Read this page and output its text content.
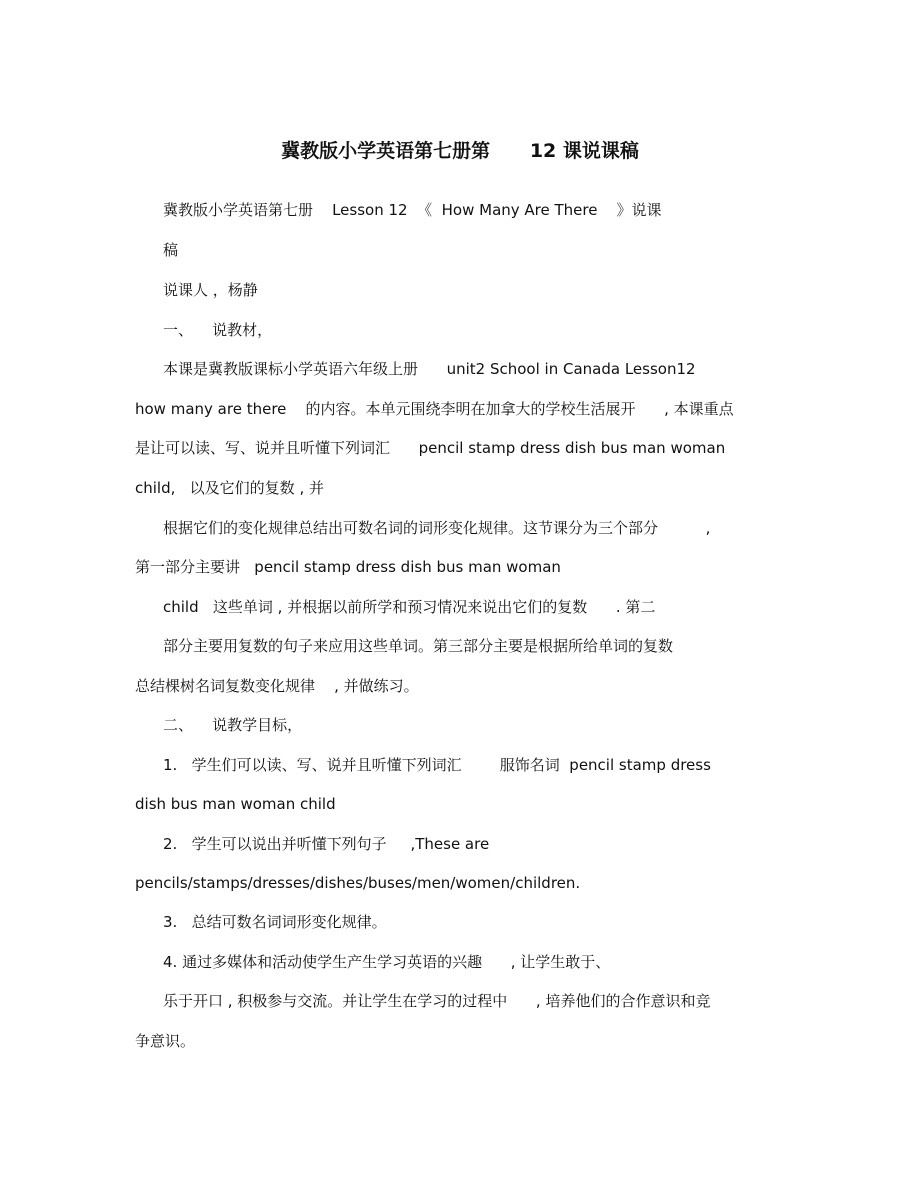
冀教版小学英语第七册第      12 课说课稿
冀教版小学英语第七册    Lesson 12  《  How Many Are There    》说课
稿
说课人 ，杨静
一、    说教材，
本课是冀教版课标小学英语六年级上册      unit2 School in Canada Lesson12
how many are there    的内容。本单元围绕李明在加拿大的学校生活展开      , 本课重点
是让可以读、写、说并且听懂下列词汇      pencil stamp dress dish bus man woman
child,   以及它们的复数 , 并
根据它们的变化规律总结出可数名词的词形变化规律。这节课分为三个部分          ,
第一部分主要讲   pencil stamp dress dish bus man woman
child   这些单词 , 并根据以前所学和预习情况来说出它们的复数      . 第二
部分主要用复数的句子来应用这些单词。第三部分主要是根据所给单词的复数
总结棵树名词复数变化规律    , 并做练习。
二、    说教学目标，
1.   学生们可以读、写、说并且听懂下列词汇        服饰名词  pencil stamp dress
dish bus man woman child
2.   学生可以说出并听懂下列句子     ,These are
pencils/stamps/dresses/dishes/buses/men/women/children.
3.   总结可数名词词形变化规律。
4. 通过多媒体和活动使学生产生学习英语的兴趣      , 让学生敢于、
乐于开口 , 积极参与交流。并让学生在学习的过程中      , 培养他们的合作意识和竞
争意识。
